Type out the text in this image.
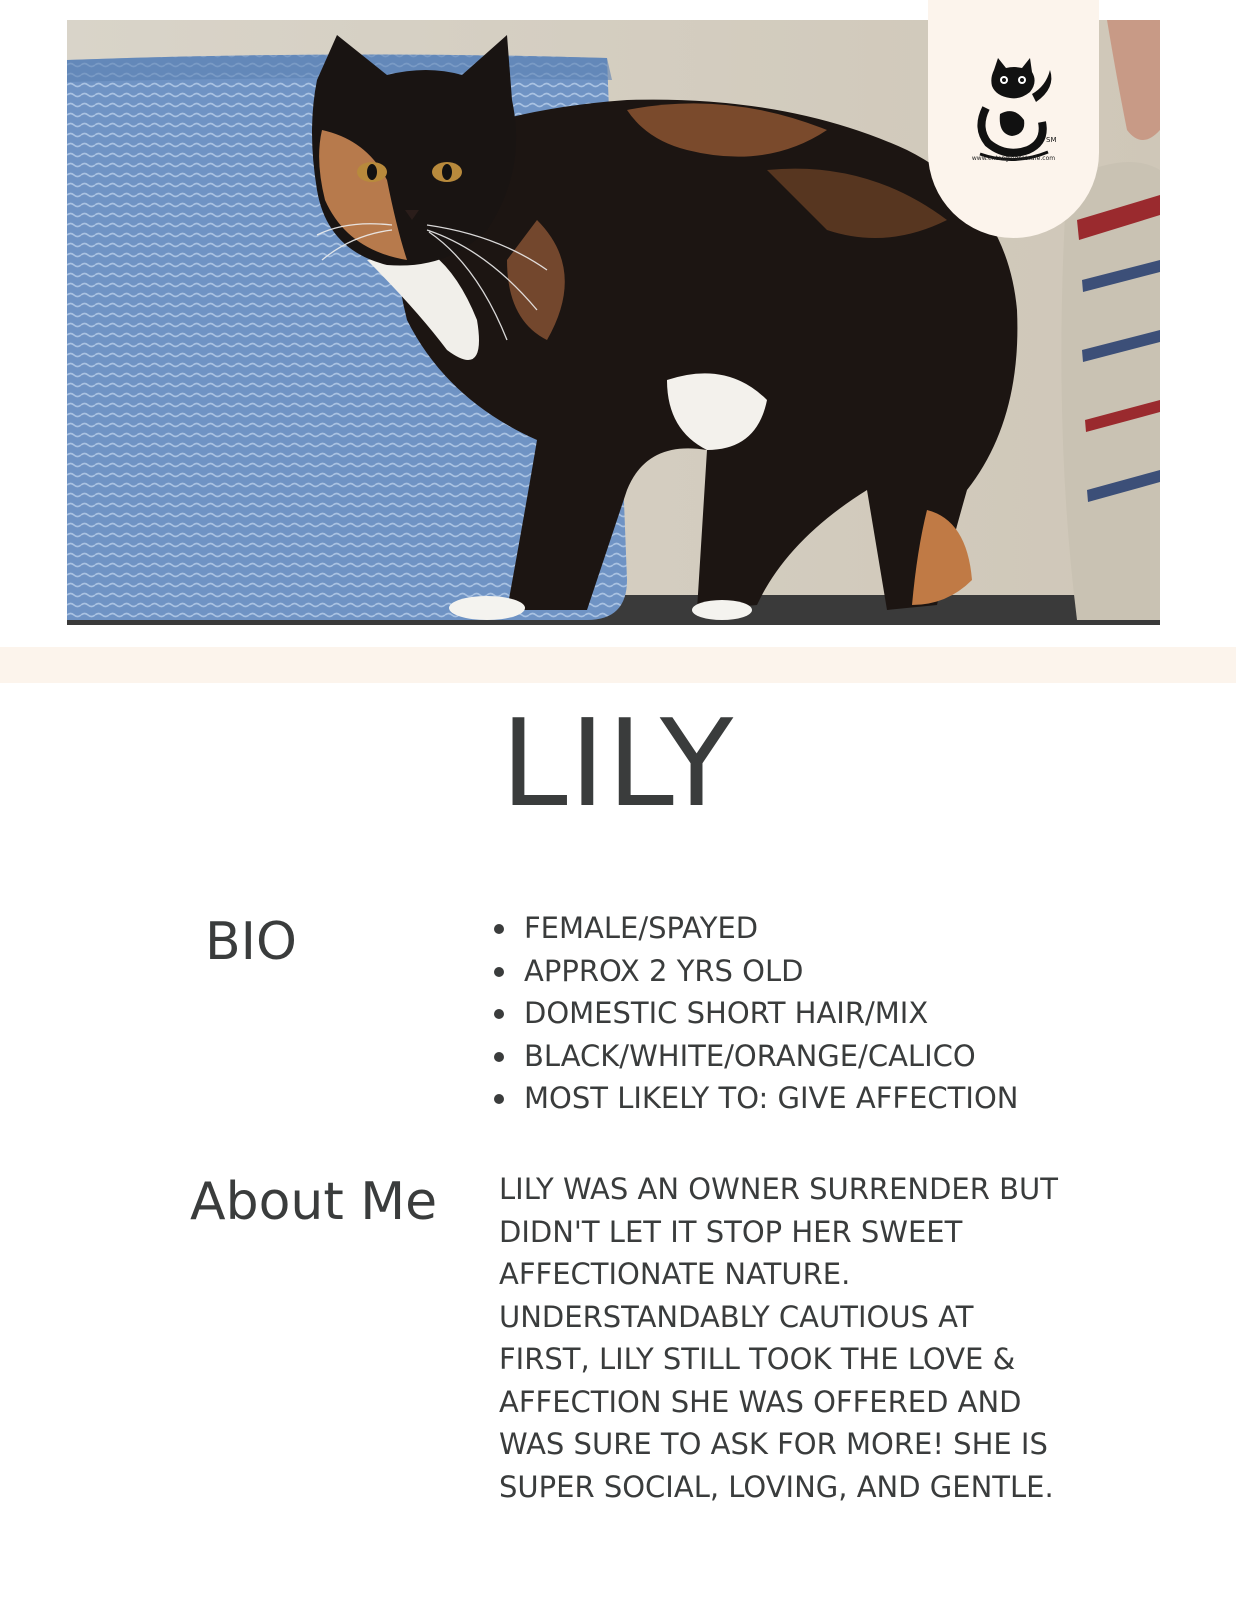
SM
www.entangledcatcafe.com
LILY
BIO	FEMALE/SPAYED
APPROX 2 YRS OLD
DOMESTIC SHORT HAIR/MIX
BLACK/WHITE/ORANGE/CALICO
MOST LIKELY TO: GIVE AFFECTION
About Me LILY WAS AN OWNER SURRENDER BUT
DIDN'T LET IT STOP HER SWEET
AFFECTIONATE NATURE.
UNDERSTANDABLY CAUTIOUS AT
FIRST, LILY STILL TOOK THE LOVE &
AFFECTION SHE WAS OFFERED AND
WAS SURE TO ASK FOR MORE! SHE IS
SUPER SOCIAL, LOVING, AND GENTLE.
